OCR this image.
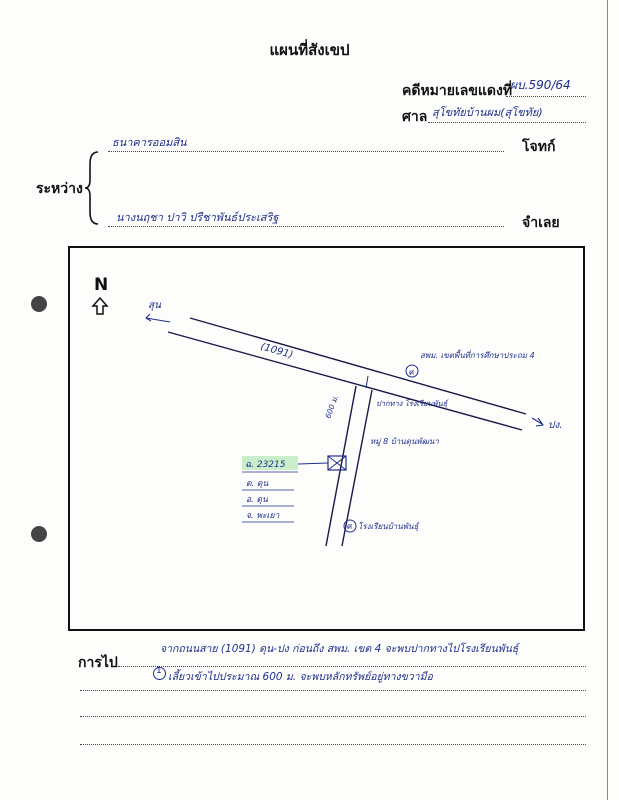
แผนที่สังเขป
คดีหมายเลขแดงที่
ผบ.590/64
ศาล สุโขทัยบ้านผม(สุโขทัย)
ระหว่าง
ธนาคารออมสิน	โจทก์
นางนฤชา ปาวิ ปรีชาพันธ์ประเสริฐ	จำเลย
N
สุน
ปง.
(1091)
ศ
สพม. เขตพื้นที่การศึกษาประถม 4
600 ม.	ปากทาง โรงเรียนพันธุ์
หมู่ 8 บ้านดุนพัฒนา
ฉ. 23215
ต. ดุน
อ. ดุน
จ. พะเยา
ศ โรงเรียนบ้านพันธุ์
การไป
จากถนนสาย (1091) ดุน-ปง ก่อนถึง สพม. เขต 4 จะพบปากทางไปโรงเรียนพันธุ์
1 เลี้ยวเข้าไปประมาณ 600 ม. จะพบหลักทรัพย์อยู่ทางขวามือ
